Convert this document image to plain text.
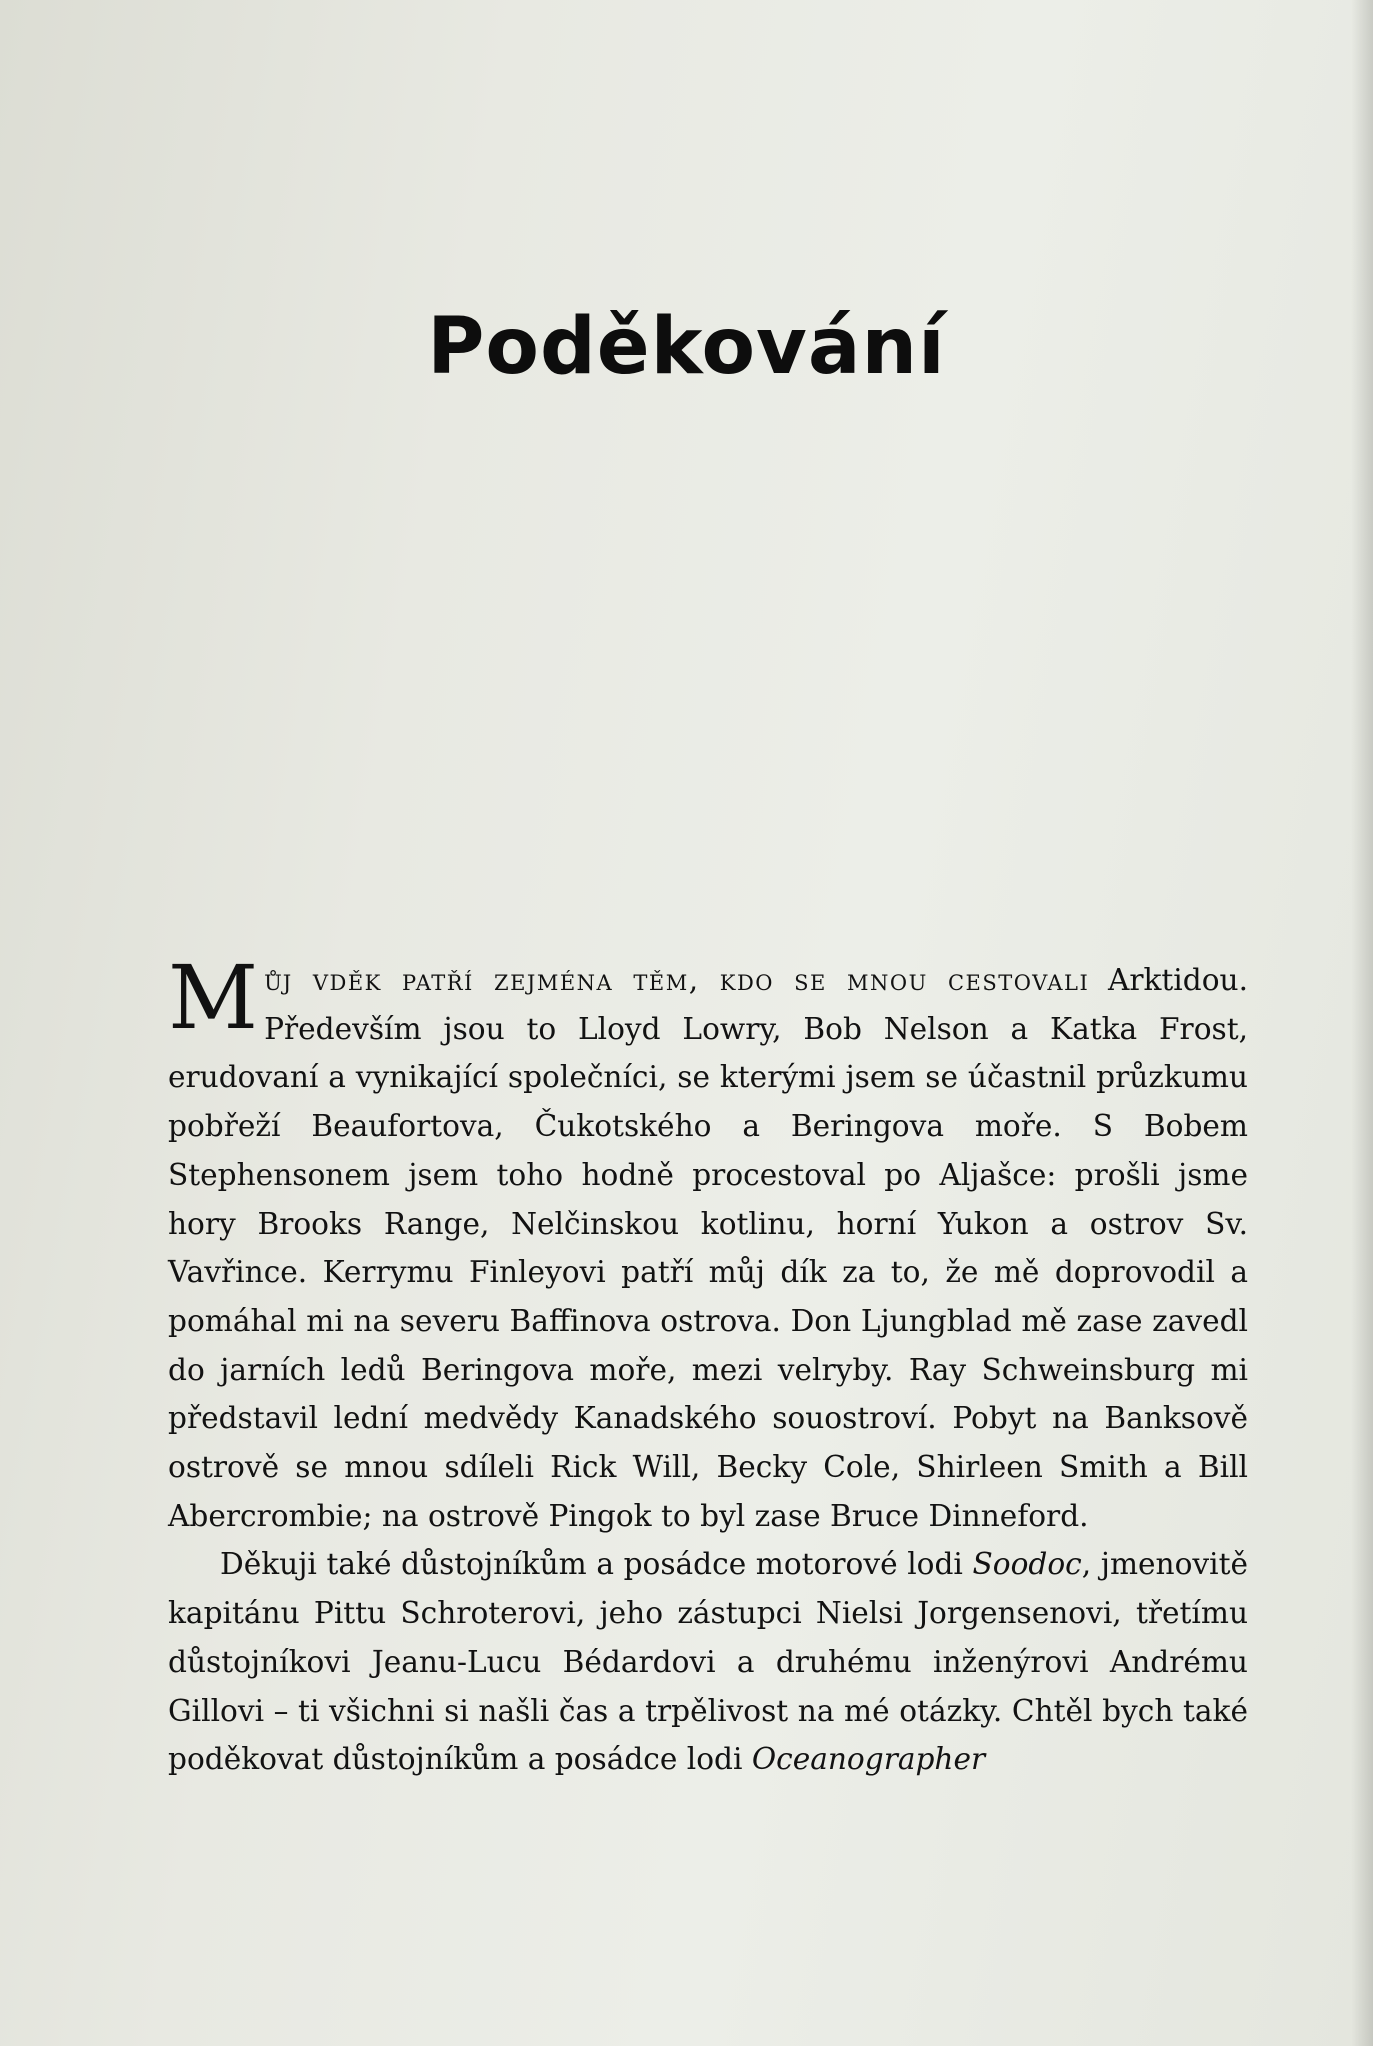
Poděkování

Můj vděk patří zejména těm, kdo se mnou cestovali Arktidou. Především jsou to Lloyd Lowry, Bob Nelson a Katka Frost, erudovaní a vynikající společníci, se kterými jsem se účastnil průzkumu pobřeží Beaufortova, Čukotského a Beringova moře. S Bobem Stephensonem jsem toho hodně procestoval po Aljašce: prošli jsme hory Brooks Range, Nelčinskou kotlinu, horní Yukon a ostrov Sv. Vavřince. Kerrymu Finleyovi patří můj dík za to, že mě doprovodil a pomáhal mi na severu Baffinova ostrova. Don Ljungblad mě zase zavedl do jarních ledů Beringova moře, mezi velryby. Ray Schweinsburg mi představil lední medvědy Kanadského souostroví. Pobyt na Banksově ostrově se mnou sdíleli Rick Will, Becky Cole, Shirleen Smith a Bill Abercrombie; na ostrově Pingok to byl zase Bruce Dinneford.

Děkuji také důstojníkům a posádce motorové lodi Soodoc, jmenovitě kapitánu Pittu Schroterovi, jeho zástupci Nielsi Jorgensenovi, třetímu důstojníkovi Jeanu-Lucu Bédardovi a druhému inženýrovi Andrému Gillovi – ti všichni si našli čas a trpělivost na mé otázky. Chtěl bych také poděkovat důstojníkům a posádce lodi Oceanographer
